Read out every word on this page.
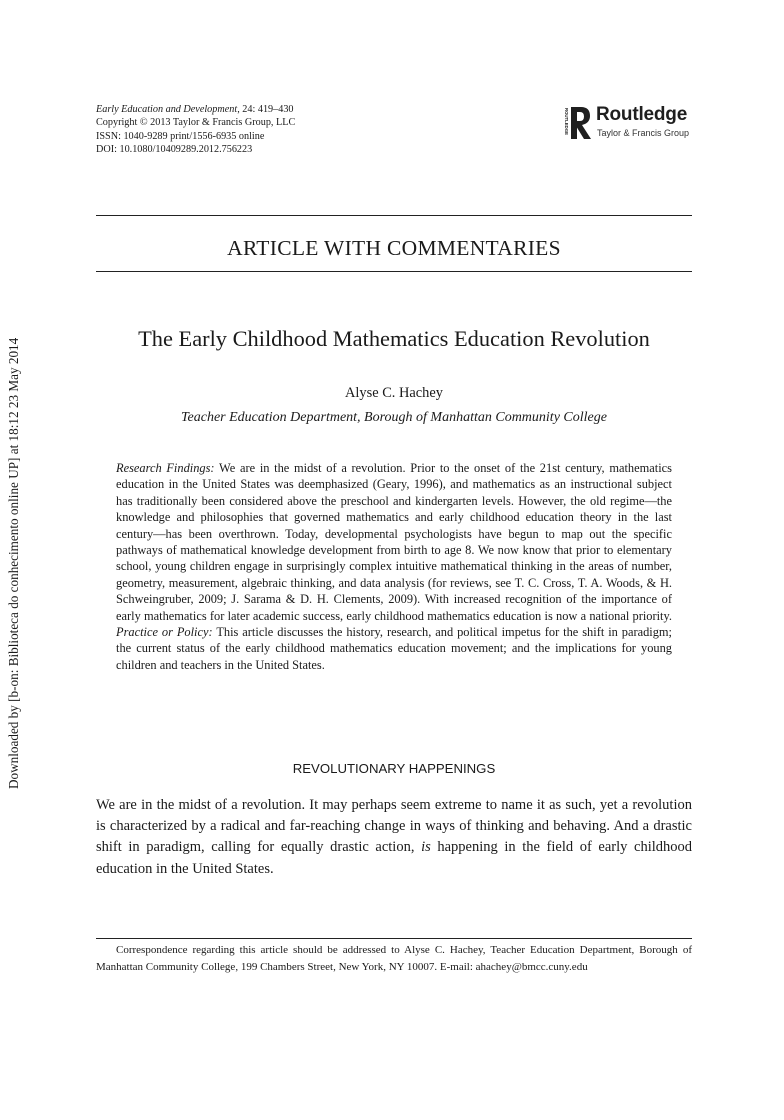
Downloaded by [b-on: Biblioteca do conhecimento online UP] at 18:12 23 May 2014
Early Education and Development, 24: 419–430
Copyright © 2013 Taylor & Francis Group, LLC
ISSN: 1040-9289 print/1556-6935 online
DOI: 10.1080/10409289.2012.756223
ROUTLEDGE Routledge
Taylor & Francis Group
ARTICLE WITH COMMENTARIES
The Early Childhood Mathematics Education Revolution
Alyse C. Hachey
Teacher Education Department, Borough of Manhattan Community College
Research Findings: We are in the midst of a revolution. Prior to the onset of the 21st century, mathematics education in the United States was deemphasized (Geary, 1996), and mathematics as an instructional subject has traditionally been considered above the preschool and kindergarten levels. However, the old regime—the knowledge and philosophies that governed mathematics and early childhood education theory in the last century—has been overthrown. Today, developmental psychologists have begun to map out the specific pathways of mathematical knowledge development from birth to age 8. We now know that prior to elementary school, young children engage in surprisingly complex intuitive mathematical thinking in the areas of number, geometry, measurement, algebraic thinking, and data analysis (for reviews, see T. C. Cross, T. A. Woods, & H. Schweingruber, 2009; J. Sarama & D. H. Clements, 2009). With increased recognition of the importance of early mathematics for later academic success, early childhood mathematics education is now a national priority. Practice or Policy: This article discusses the history, research, and political impetus for the shift in paradigm; the current status of the early childhood mathematics education movement; and the implications for young children and teachers in the United States.
REVOLUTIONARY HAPPENINGS
We are in the midst of a revolution. It may perhaps seem extreme to name it as such, yet a revolution is characterized by a radical and far-reaching change in ways of thinking and behaving. And a drastic shift in paradigm, calling for equally drastic action, is happening in the field of early childhood education in the United States.
Correspondence regarding this article should be addressed to Alyse C. Hachey, Teacher Education Department, Borough of Manhattan Community College, 199 Chambers Street, New York, NY 10007. E-mail: ahachey@bmcc.cuny.edu
